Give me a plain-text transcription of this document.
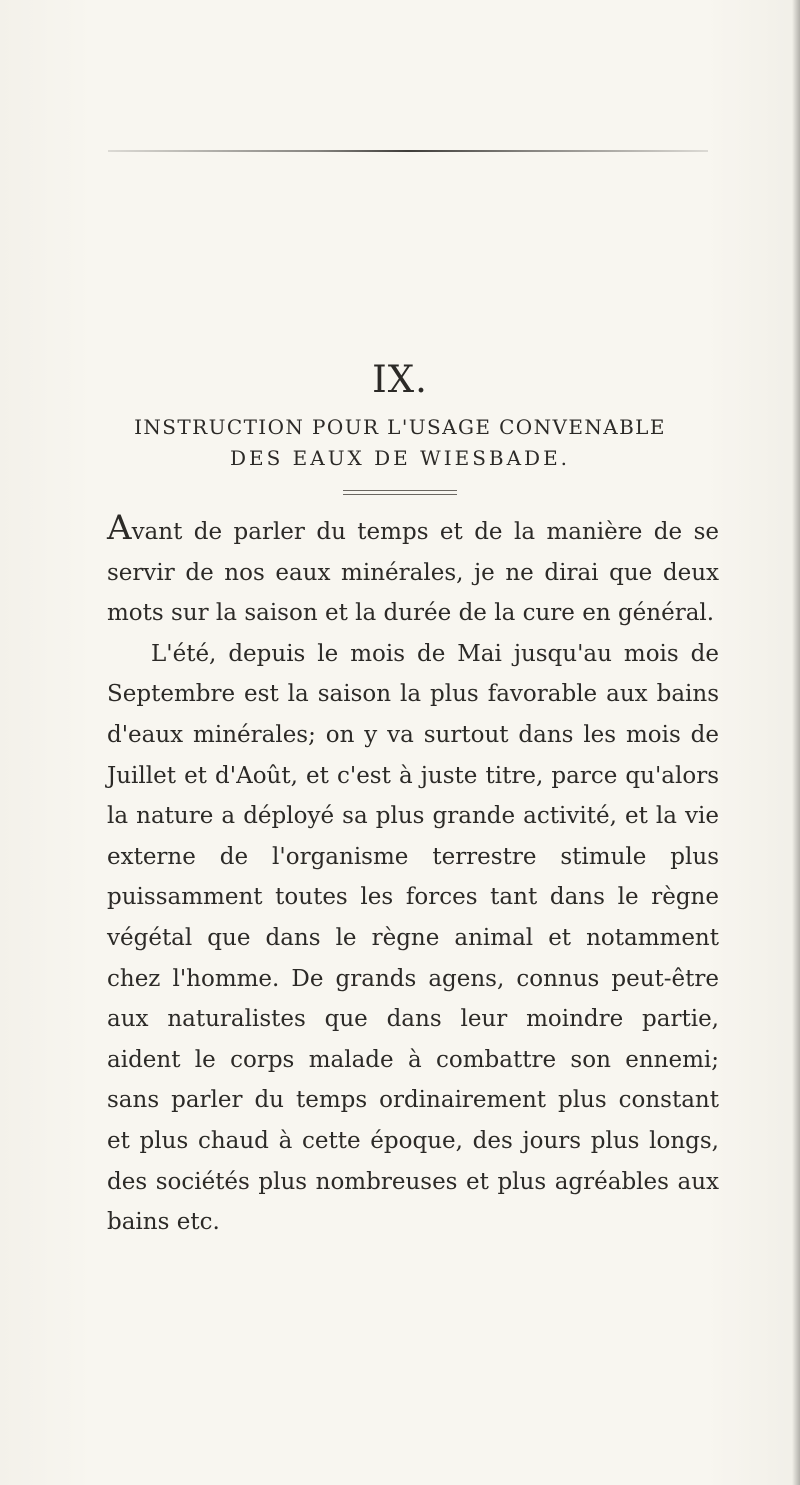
IX.
INSTRUCTION POUR L'USAGE CONVENABLE
DES EAUX DE WIESBADE.

Avant de parler du temps et de la manière de se servir de nos eaux minérales, je ne dirai que deux mots sur la saison et la durée de la cure en général.

L'été, depuis le mois de Mai jusqu'au mois de Septembre est la saison la plus favorable aux bains d'eaux minérales; on y va surtout dans les mois de Juillet et d'Août, et c'est à juste titre, parce qu'alors la nature a déployé sa plus grande activité, et la vie externe de l'organisme terrestre stimule plus puissamment toutes les forces tant dans le règne végétal que dans le règne animal et notamment chez l'homme. De grands agens, connus peut-être aux naturalistes que dans leur moindre partie, aident le corps malade à combattre son ennemi; sans parler du temps ordinairement plus constant et plus chaud à cette époque, des jours plus longs, des sociétés plus nombreuses et plus agréables aux bains etc.
